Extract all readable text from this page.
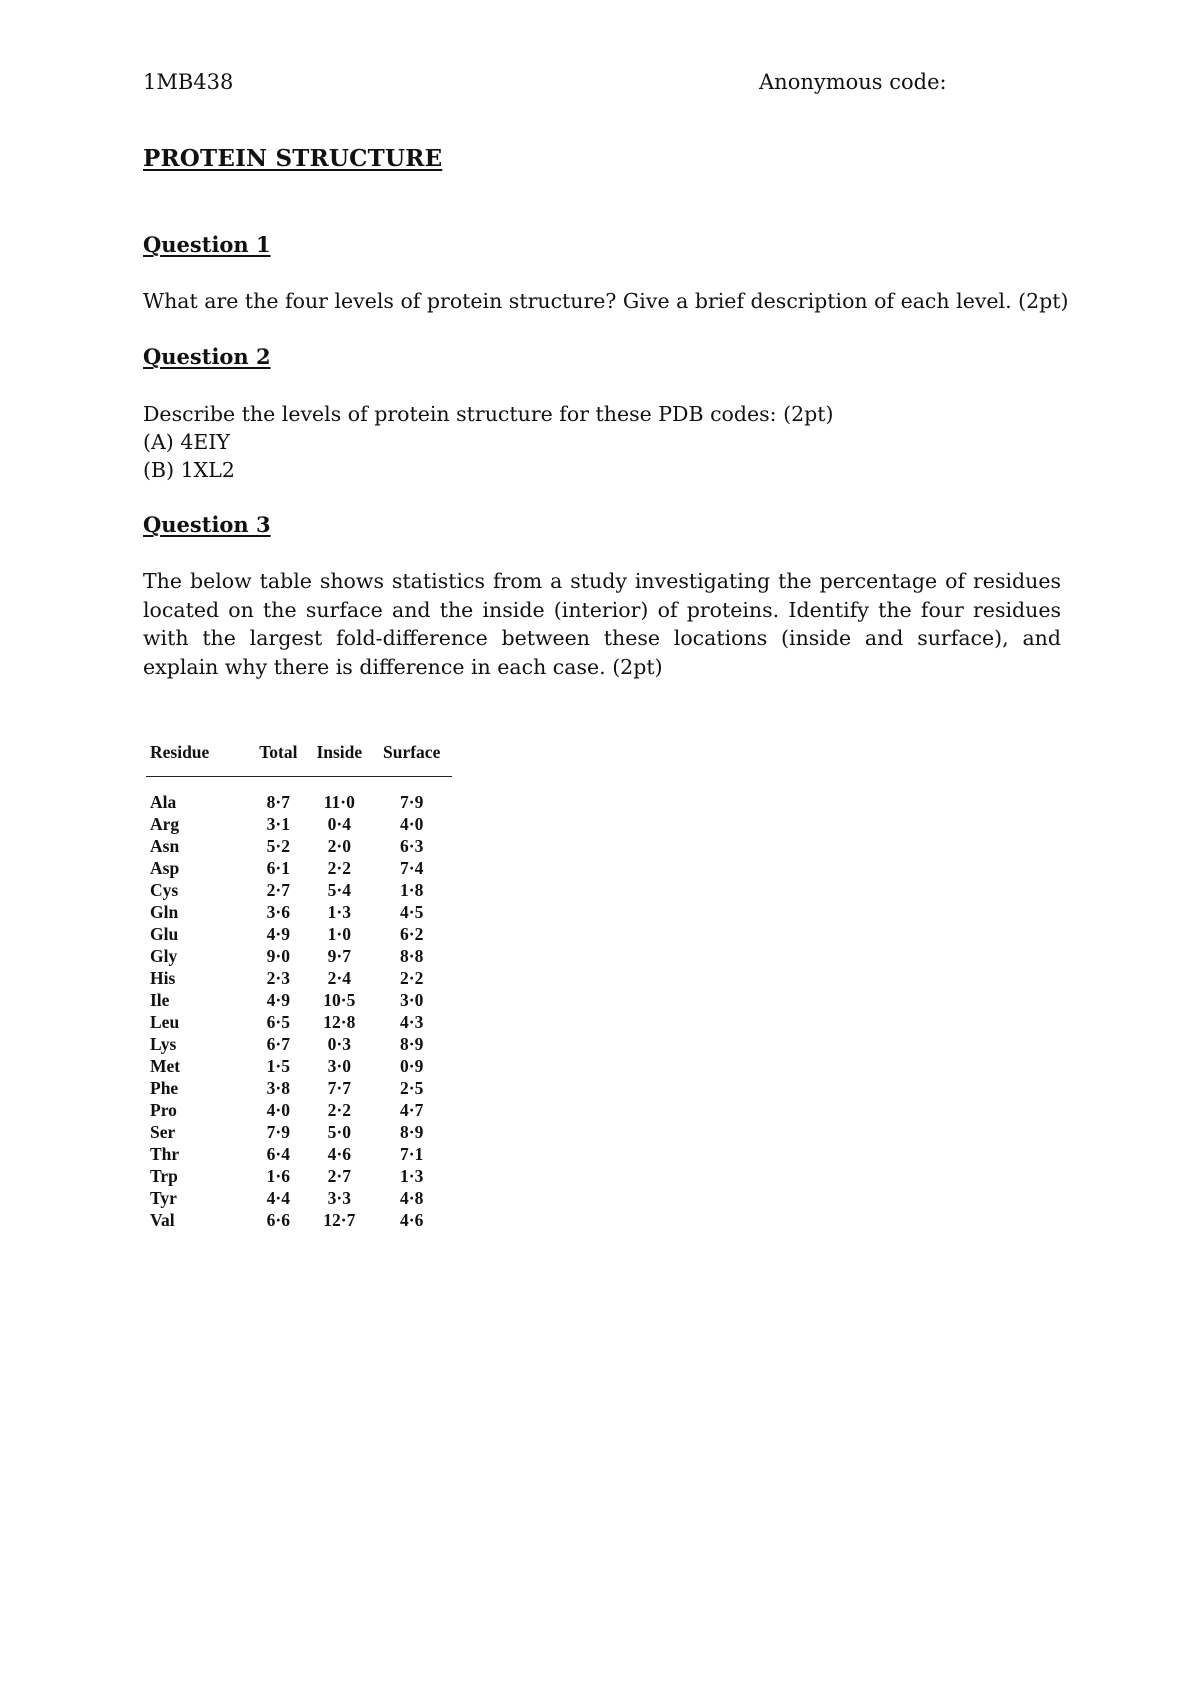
1MB438	Anonymous code:
PROTEIN STRUCTURE
Question 1
What are the four levels of protein structure? Give a brief description of each level. (2pt)
Question 2
Describe the levels of protein structure for these PDB codes: (2pt)
(A) 4EIY
(B) 1XL2
Question 3
The below table shows statistics from a study investigating the percentage of residues located on the surface and the inside (interior) of proteins. Identify the four residues with the largest fold-difference between these locations (inside and surface), and explain why there is difference in each case. (2pt)
Residue	Total	Inside	Surface
Ala	8·7	11·0	7·9
Arg	3·1	0·4	4·0
Asn	5·2	2·0	6·3
Asp	6·1	2·2	7·4
Cys	2·7	5·4	1·8
Gln	3·6	1·3	4·5
Glu	4·9	1·0	6·2
Gly	9·0	9·7	8·8
His	2·3	2·4	2·2
Ile	4·9	10·5	3·0
Leu	6·5	12·8	4·3
Lys	6·7	0·3	8·9
Met	1·5	3·0	0·9
Phe	3·8	7·7	2·5
Pro	4·0	2·2	4·7
Ser	7·9	5·0	8·9
Thr	6·4	4·6	7·1
Trp	1·6	2·7	1·3
Tyr	4·4	3·3	4·8
Val	6·6	12·7	4·6
